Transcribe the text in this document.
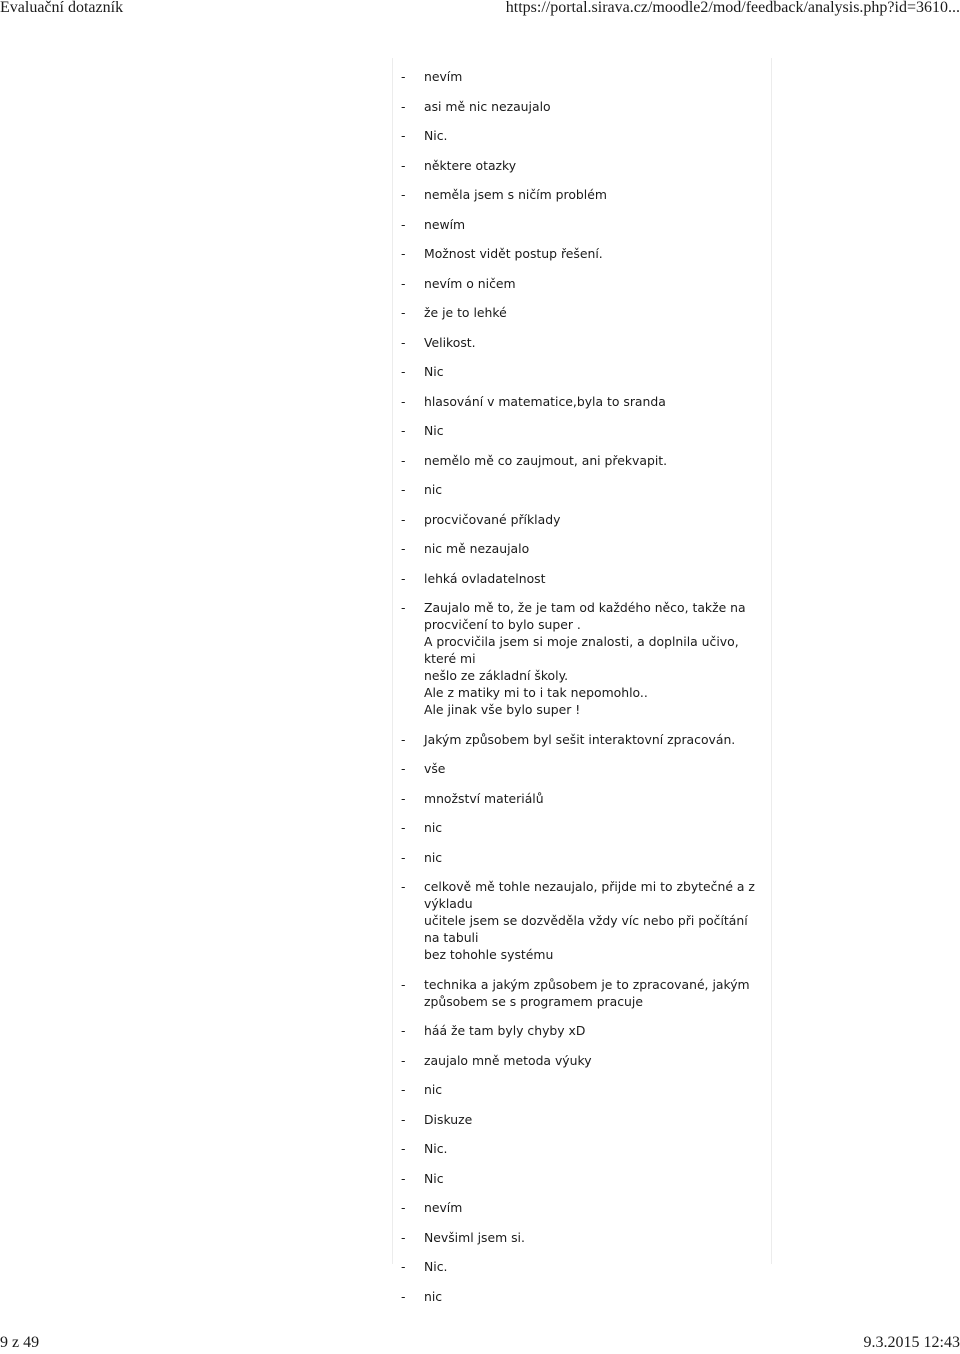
Evaluační dotazník	https://portal.sirava.cz/moodle2/mod/feedback/analysis.php?id=3610...
-	nevím
-	asi mě nic nezaujalo
-	Nic.
-	někter​e otazky
-	neměla jsem s ničím problém
-	newím
-	Možnost vidět postup řešení.
-	nevím o ničem
-	že je to lehké
-	Velikost.
-	Nic
-	hlasování v matematice,byla to sranda
-	Nic
-	nemělo mě co zaujmout, ani překvapit.
-	nic
-	procvičované příklady
-	nic mě nezaujalo
-	lehká ovladatelnost
-	Zaujalo mě to, že je tam od každého něco, takže na
procvičení to bylo super .
A procvičila jsem si moje znalosti, a doplnila učivo, které mi
nešlo ze základní školy.
Ale z matiky mi to i tak nepomohlo..
Ale jinak vše bylo super !
-	Jakým způsobem byl sešit interaktovní zpracován.
-	vše
-	množství materiálů
-	nic
-	nic
-	celkově mě tohle nezaujalo, přijde mi to zbytečné a z výkladu
učitele jsem se dozvěděla vždy víc nebo při počítání na tabuli
bez tohohle systému
-	technika a jakým způsobem je to zpracované, jakým
způsobem se s programem pracuje
-	háá že tam byly chyby xD
-	zaujalo mně metoda výuky
-	nic
-	Diskuze
-	Nic.
-	Nic
-	nevím
-	Nevšiml jsem si.
-	Nic.
-	nic
9 z 49	9.3.2015 12:43
